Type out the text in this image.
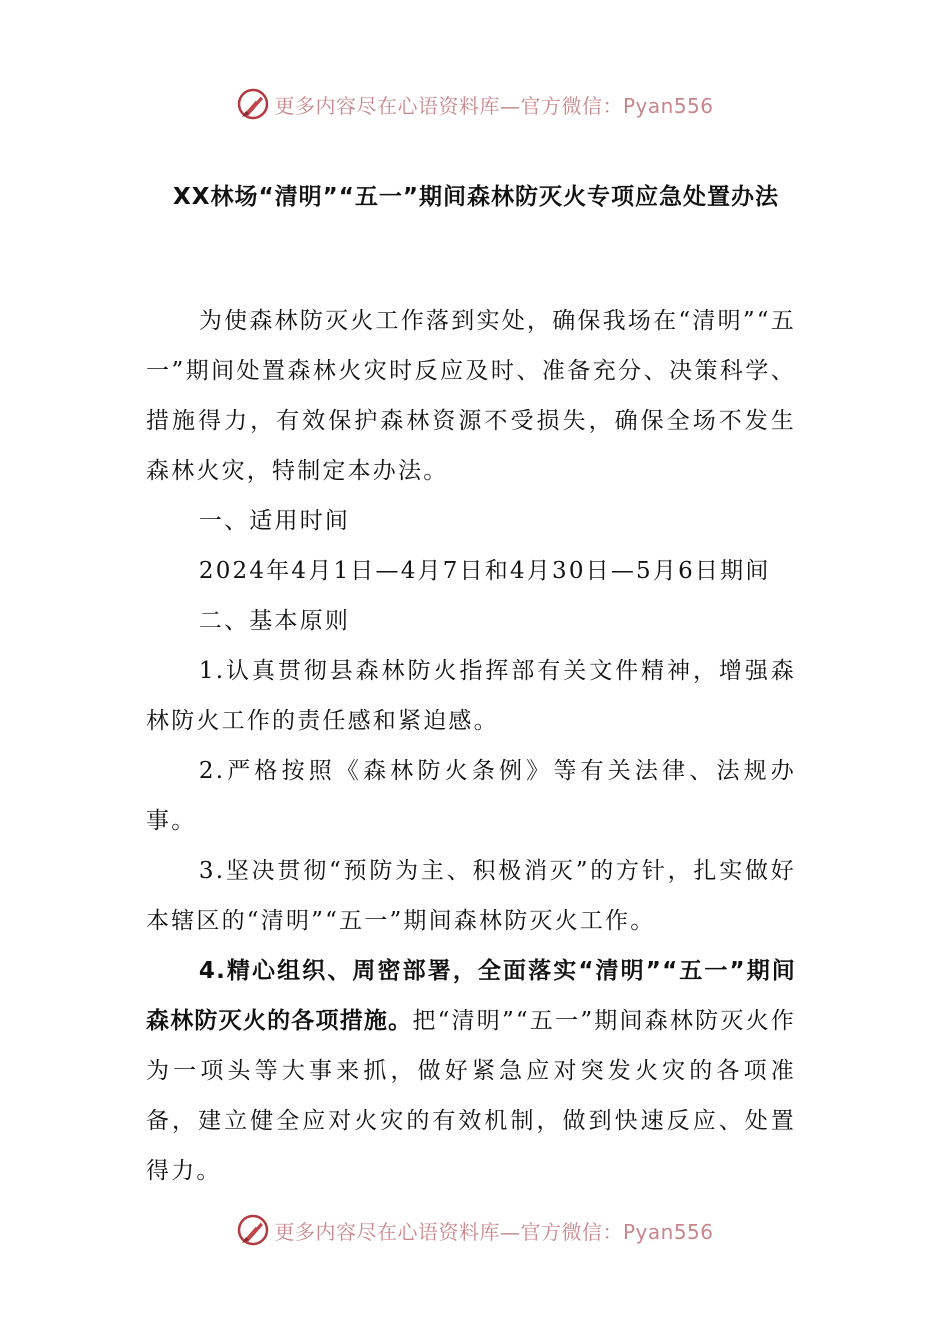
更多内容尽在心语资料库—官方微信：Pyan556
XX林场“清明”“五一”期间森林防灭火专项应急处置办法

为使森林防灭火工作落到实处，确保我场在“清明”“五一”期间处置森林火灾时反应及时、准备充分、决策科学、措施得力，有效保护森林资源不受损失，确保全场不发生森林火灾，特制定本办法。

一、适用时间

2024年4月1日—4月7日和4月30日—5月6日期间

二、基本原则

1.认真贯彻县森林防火指挥部有关文件精神，增强森林防火工作的责任感和紧迫感。

2.严格按照《森林防火条例》等有关法律、法规办事。

3.坚决贯彻“预防为主、积极消灭”的方针，扎实做好本辖区的“清明”“五一”期间森林防灭火工作。

4.精心组织、周密部署，全面落实“清明”“五一”期间森林防灭火的各项措施。把“清明”“五一”期间森林防灭火作为一项头等大事来抓，做好紧急应对突发火灾的各项准备，建立健全应对火灾的有效机制，做到快速反应、处置得力。

更多内容尽在心语资料库—官方微信：Pyan556
